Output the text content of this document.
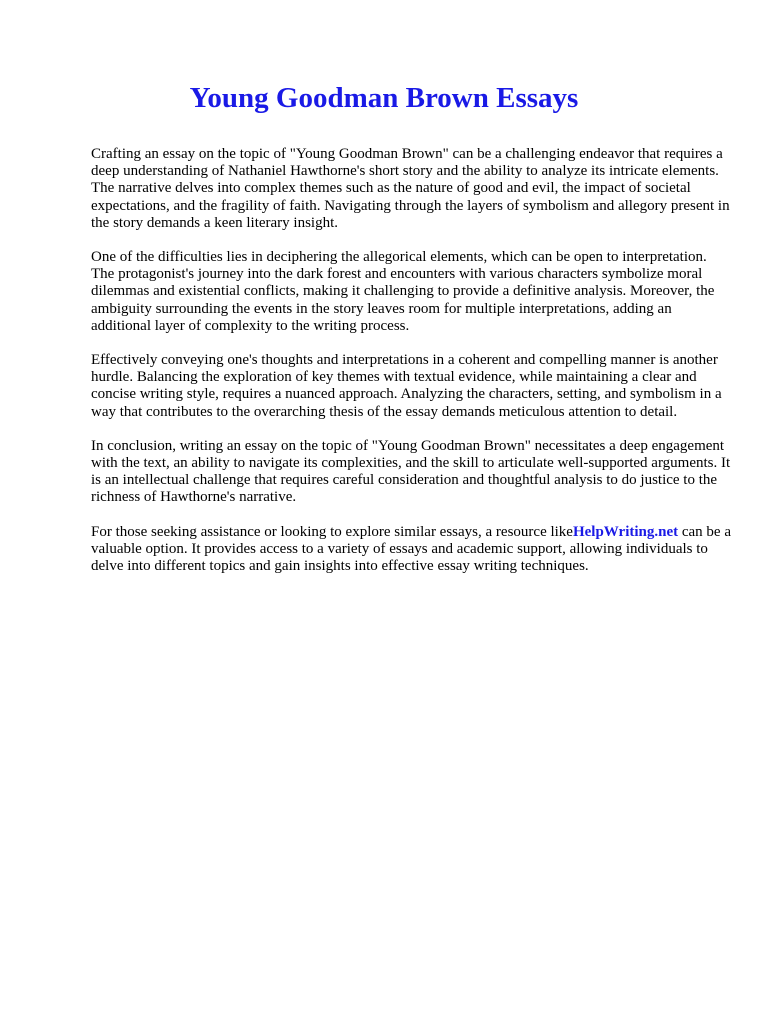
Young Goodman Brown Essays

Crafting an essay on the topic of "Young Goodman Brown" can be a challenging endeavor that requires a deep understanding of Nathaniel Hawthorne's short story and the ability to analyze its intricate elements. The narrative delves into complex themes such as the nature of good and evil, the impact of societal expectations, and the fragility of faith. Navigating through the layers of symbolism and allegory present in the story demands a keen literary insight.

One of the difficulties lies in deciphering the allegorical elements, which can be open to interpretation. The protagonist's journey into the dark forest and encounters with various characters symbolize moral dilemmas and existential conflicts, making it challenging to provide a definitive analysis. Moreover, the ambiguity surrounding the events in the story leaves room for multiple interpretations, adding an additional layer of complexity to the writing process.

Effectively conveying one's thoughts and interpretations in a coherent and compelling manner is another hurdle. Balancing the exploration of key themes with textual evidence, while maintaining a clear and concise writing style, requires a nuanced approach. Analyzing the characters, setting, and symbolism in a way that contributes to the overarching thesis of the essay demands meticulous attention to detail.

In conclusion, writing an essay on the topic of "Young Goodman Brown" necessitates a deep engagement with the text, an ability to navigate its complexities, and the skill to articulate well-supported arguments. It is an intellectual challenge that requires careful consideration and thoughtful analysis to do justice to the richness of Hawthorne's narrative.

For those seeking assistance or looking to explore similar essays, a resource likeHelpWriting.net can be a valuable option. It provides access to a variety of essays and academic support, allowing individuals to delve into different topics and gain insights into effective essay writing techniques.
